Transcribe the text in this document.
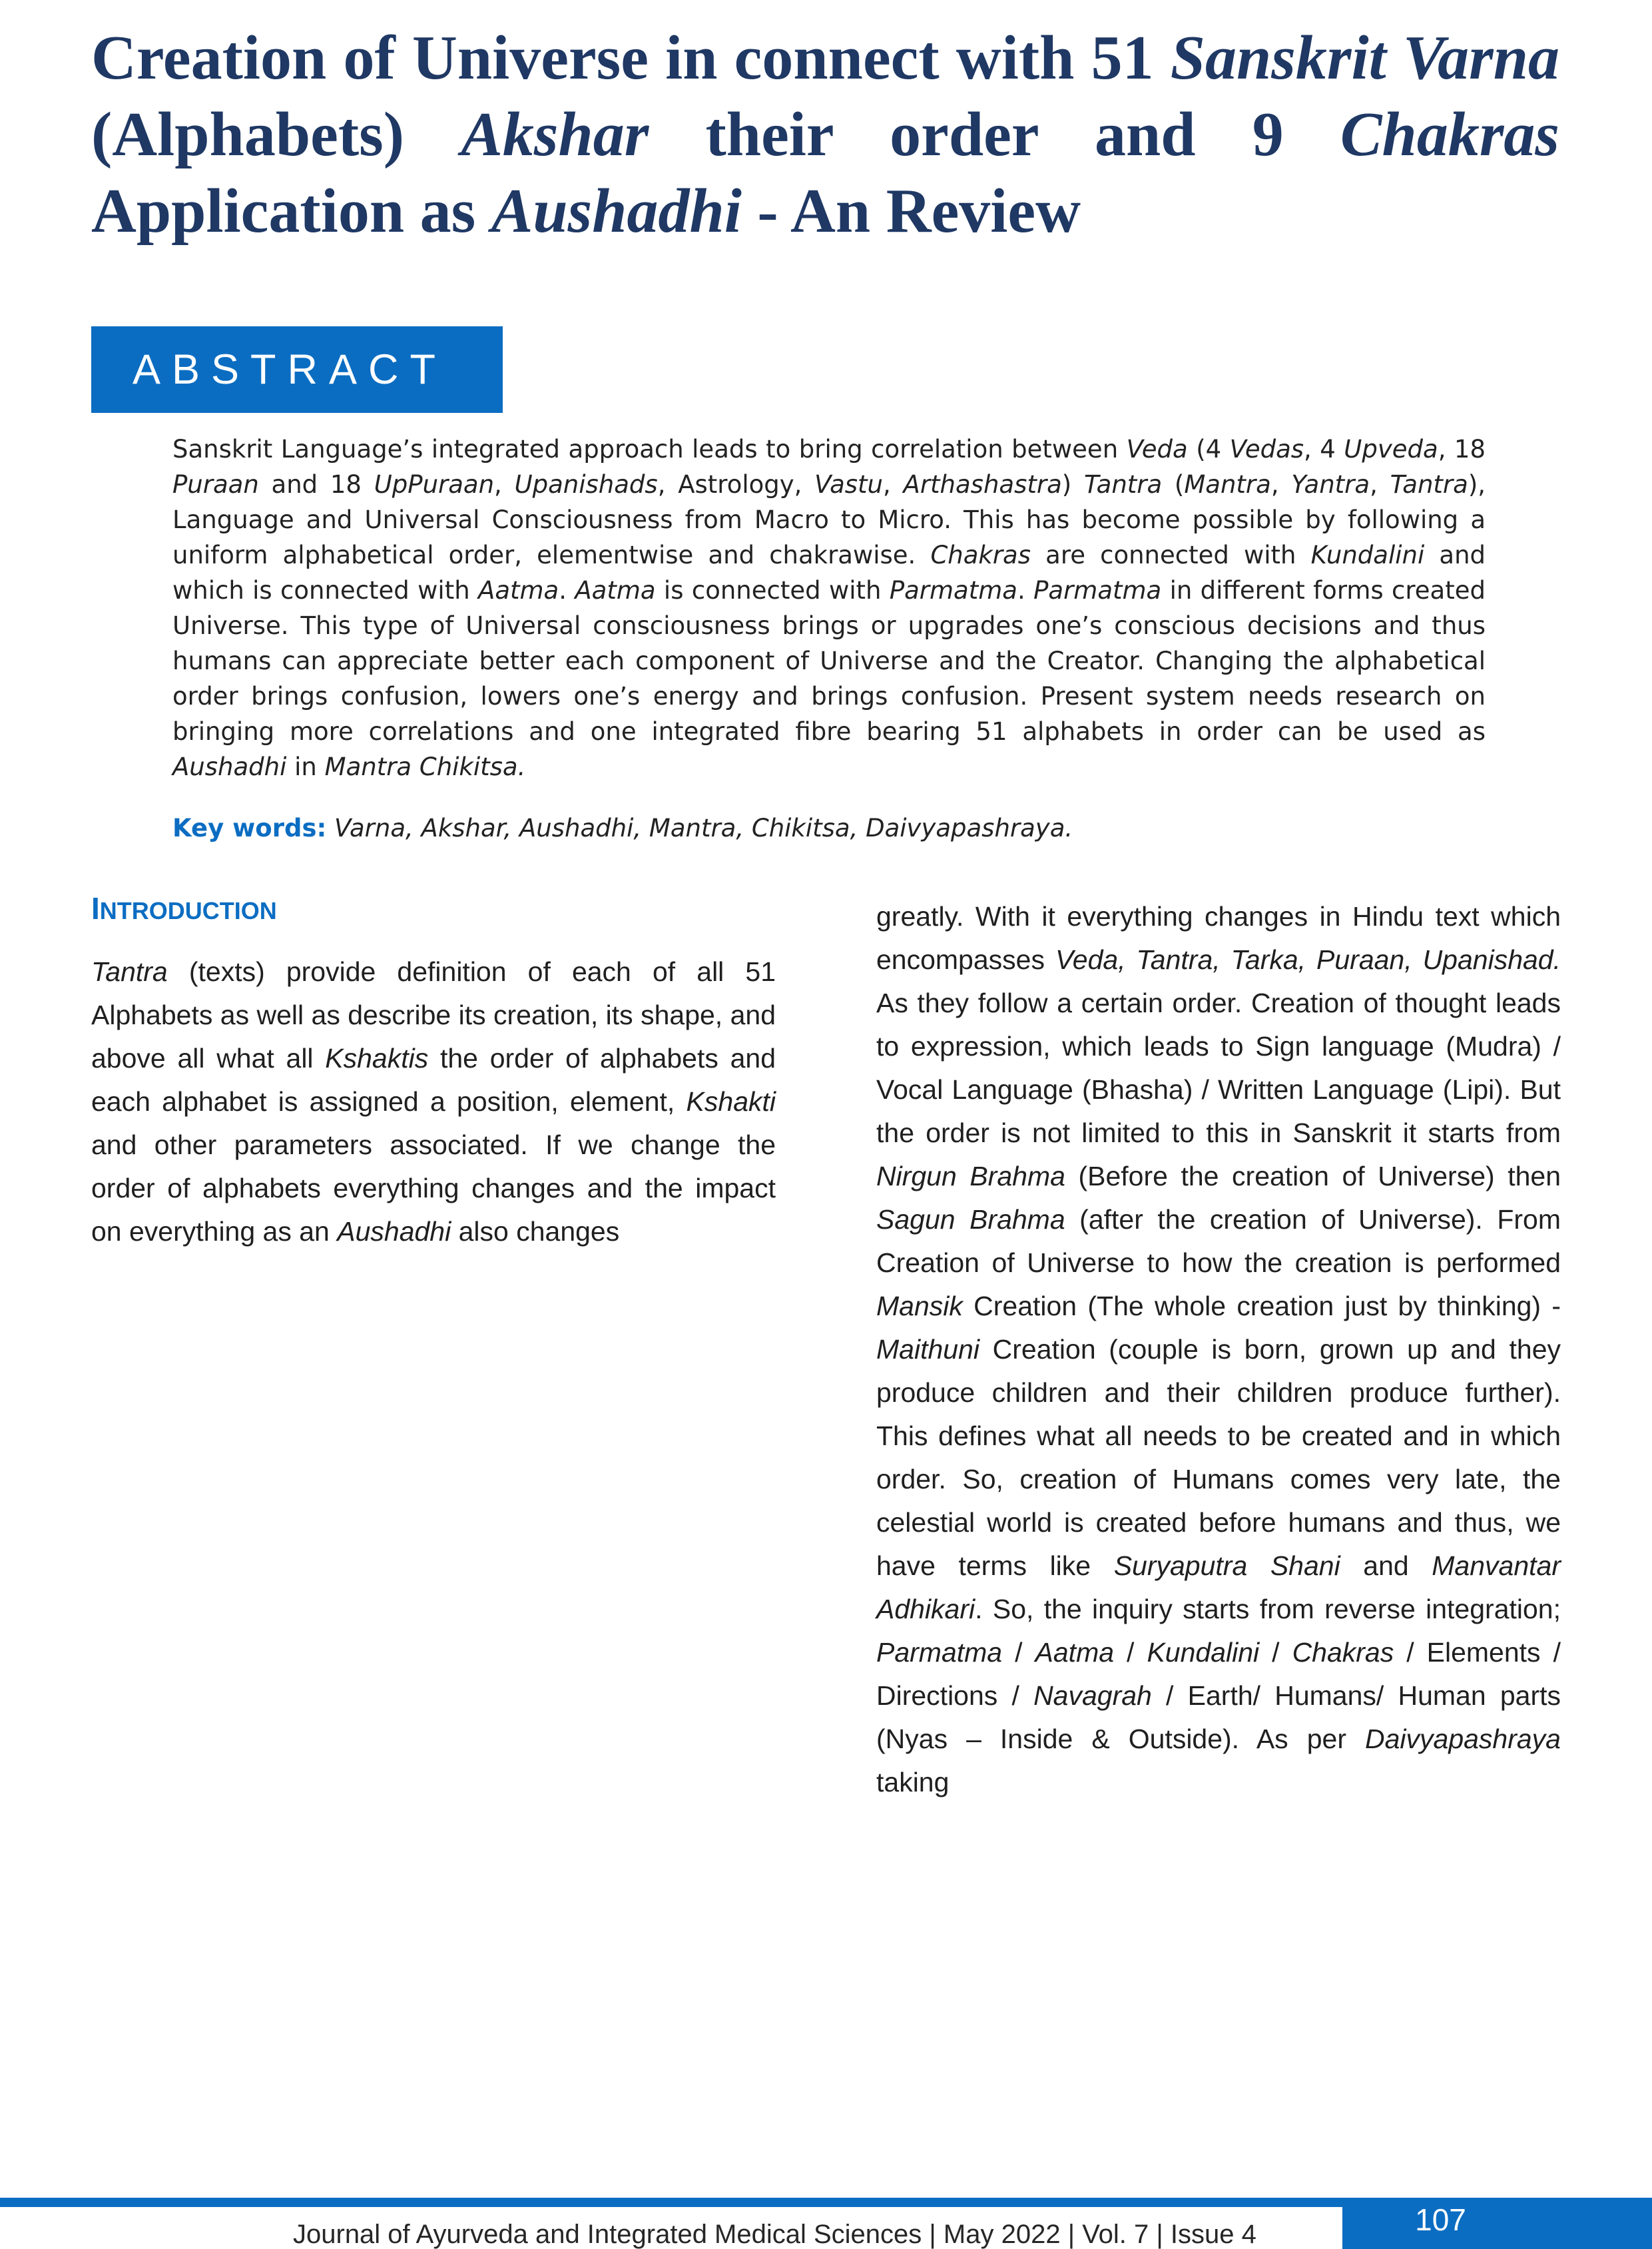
Creation of Universe in connect with 51 Sanskrit Varna (Alphabets) Akshar their order and 9 Chakras Application as Aushadhi - An Review
ABSTRACT

Sanskrit Language’s integrated approach leads to bring correlation between Veda (4 Vedas, 4 Upveda, 18 Puraan and 18 UpPuraan, Upanishads, Astrology, Vastu, Arthashastra) Tantra (Mantra, Yantra, Tantra), Language and Universal Consciousness from Macro to Micro. This has become possible by following a uniform alphabetical order, elementwise and chakrawise. Chakras are connected with Kundalini and which is connected with Aatma. Aatma is connected with Parmatma. Parmatma in different forms created Universe. This type of Universal consciousness brings or upgrades one’s conscious decisions and thus humans can appreciate better each component of Universe and the Creator. Changing the alphabetical order brings confusion, lowers one’s energy and brings confusion. Present system needs research on bringing more correlations and one integrated fibre bearing 51 alphabets in order can be used as Aushadhi in Mantra Chikitsa.

Key words: Varna, Akshar, Aushadhi, Mantra, Chikitsa, Daivyapashraya.

INTRODUCTION

Tantra (texts) provide definition of each of all 51 Alphabets as well as describe its creation, its shape, and above all what all Kshaktis the order of alphabets and each alphabet is assigned a position, element, Kshakti and other parameters associated. If we change the order of alphabets everything changes and the impact on everything as an Aushadhi also changes

greatly. With it everything changes in Hindu text which encompasses Veda, Tantra, Tarka, Puraan, Upanishad. As they follow a certain order. Creation of thought leads to expression, which leads to Sign language (Mudra) / Vocal Language (Bhasha) / Written Language (Lipi). But the order is not limited to this in Sanskrit it starts from Nirgun Brahma (Before the creation of Universe) then Sagun Brahma (after the creation of Universe). From Creation of Universe to how the creation is performed Mansik Creation (The whole creation just by thinking) - Maithuni Creation (couple is born, grown up and they produce children and their children produce further). This defines what all needs to be created and in which order. So, creation of Humans comes very late, the celestial world is created before humans and thus, we have terms like Suryaputra Shani and Manvantar Adhikari. So, the inquiry starts from reverse integration; Parmatma / Aatma / Kundalini / Chakras / Elements / Directions / Navagrah / Earth/ Humans/ Human parts (Nyas – Inside & Outside). As per Daivyapashraya taking

Journal of Ayurveda and Integrated Medical Sciences | May 2022 | Vol. 7 | Issue 4	107
